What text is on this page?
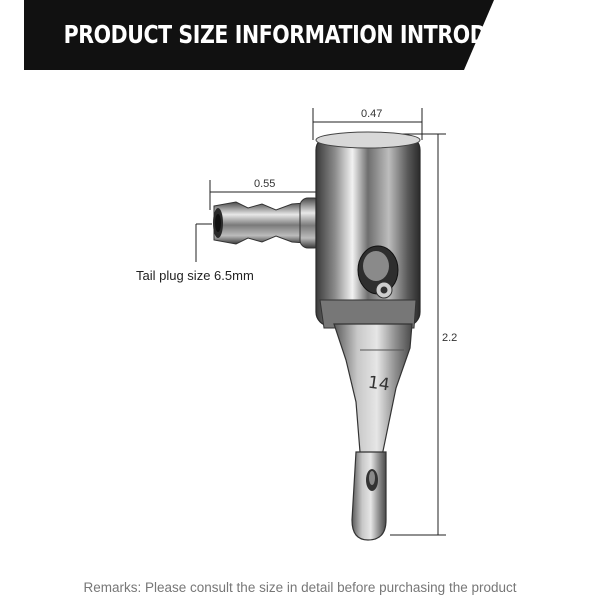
PRODUCT SIZE INFORMATION INTRODUCTION
0.47
0.55
2.2
14
Tail plug size 6.5mm
Remarks: Please consult the size in detail before purchasing the product
